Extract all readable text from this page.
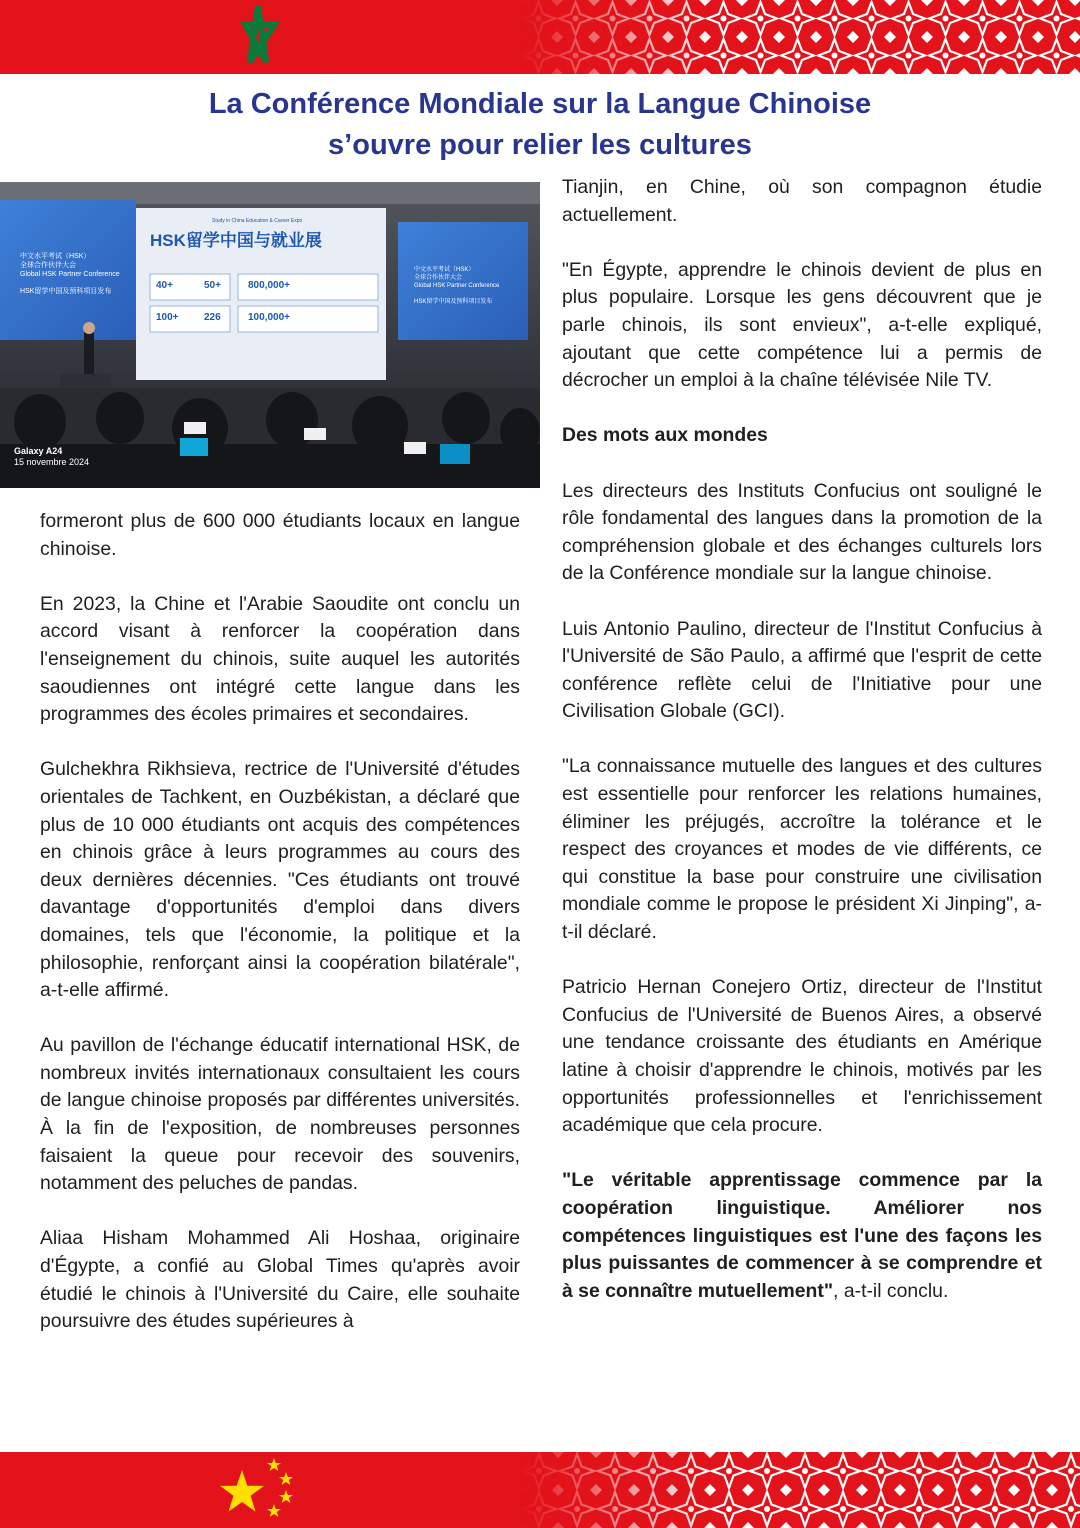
La Conférence Mondiale sur la Langue Chinoise
s’ouvre pour relier les cultures
HSK留学中国与就业展
Study in China Education & Career Expo
40+	50+	800,000+
100+	226	100,000+
中文水平考试（HSK）
全球合作伙伴大会
Global HSK Partner Conference
HSK留学中国及预科项目发布
中文水平考试（HSK）
全球合作伙伴大会
Global HSK Partner Conference
HSK留学中国及预科项目发布
Galaxy A24
15 novembre 2024

formeront plus de 600 000 étudiants locaux en langue chinoise.

En 2023, la Chine et l'Arabie Saoudite ont conclu un accord visant à renforcer la coopération dans l'enseignement du chinois, suite auquel les autorités saoudiennes ont intégré cette langue dans les programmes des écoles primaires et secondaires.

Gulchekhra Rikhsieva, rectrice de l'Université d'études orientales de Tachkent, en Ouzbékistan, a déclaré que plus de 10 000 étudiants ont acquis des compétences en chinois grâce à leurs programmes au cours des deux dernières décennies. "Ces étudiants ont trouvé davantage d'opportunités d'emploi dans divers domaines, tels que l'économie, la politique et la philosophie, renforçant ainsi la coopération bilatérale", a-t-elle affirmé.

Au pavillon de l'échange éducatif international HSK, de nombreux invités internationaux consultaient les cours de langue chinoise proposés par différentes universités. À la fin de l'exposition, de nombreuses personnes faisaient la queue pour recevoir des souvenirs, notamment des peluches de pandas.

Aliaa Hisham Mohammed Ali Hoshaa, originaire d'Égypte, a confié au Global Times qu'après avoir étudié le chinois à l'Université du Caire, elle souhaite poursuivre des études supérieures à

Tianjin, en Chine, où son compagnon étudie actuellement.

"En Égypte, apprendre le chinois devient de plus en plus populaire. Lorsque les gens découvrent que je parle chinois, ils sont envieux", a-t-elle expliqué, ajoutant que cette compétence lui a permis de décrocher un emploi à la chaîne télévisée Nile TV.

Des mots aux mondes

Les directeurs des Instituts Confucius ont souligné le rôle fondamental des langues dans la promotion de la compréhension globale et des échanges culturels lors de la Conférence mondiale sur la langue chinoise.

Luis Antonio Paulino, directeur de l'Institut Confucius à l'Université de São Paulo, a affirmé que l'esprit de cette conférence reflète celui de l'Initiative pour une Civilisation Globale (GCI).

"La connaissance mutuelle des langues et des cultures est essentielle pour renforcer les relations humaines, éliminer les préjugés, accroître la tolérance et le respect des croyances et modes de vie différents, ce qui constitue la base pour construire une civilisation mondiale comme le propose le président Xi Jinping", a-t-il déclaré.

Patricio Hernan Conejero Ortiz, directeur de l'Institut Confucius de l'Université de Buenos Aires, a observé une tendance croissante des étudiants en Amérique latine à choisir d'apprendre le chinois, motivés par les opportunités professionnelles et l'enrichissement académique que cela procure.

"Le véritable apprentissage commence par la coopération linguistique. Améliorer nos compétences linguistiques est l'une des façons les plus puissantes de commencer à se comprendre et à se connaître mutuellement", a-t-il conclu.
